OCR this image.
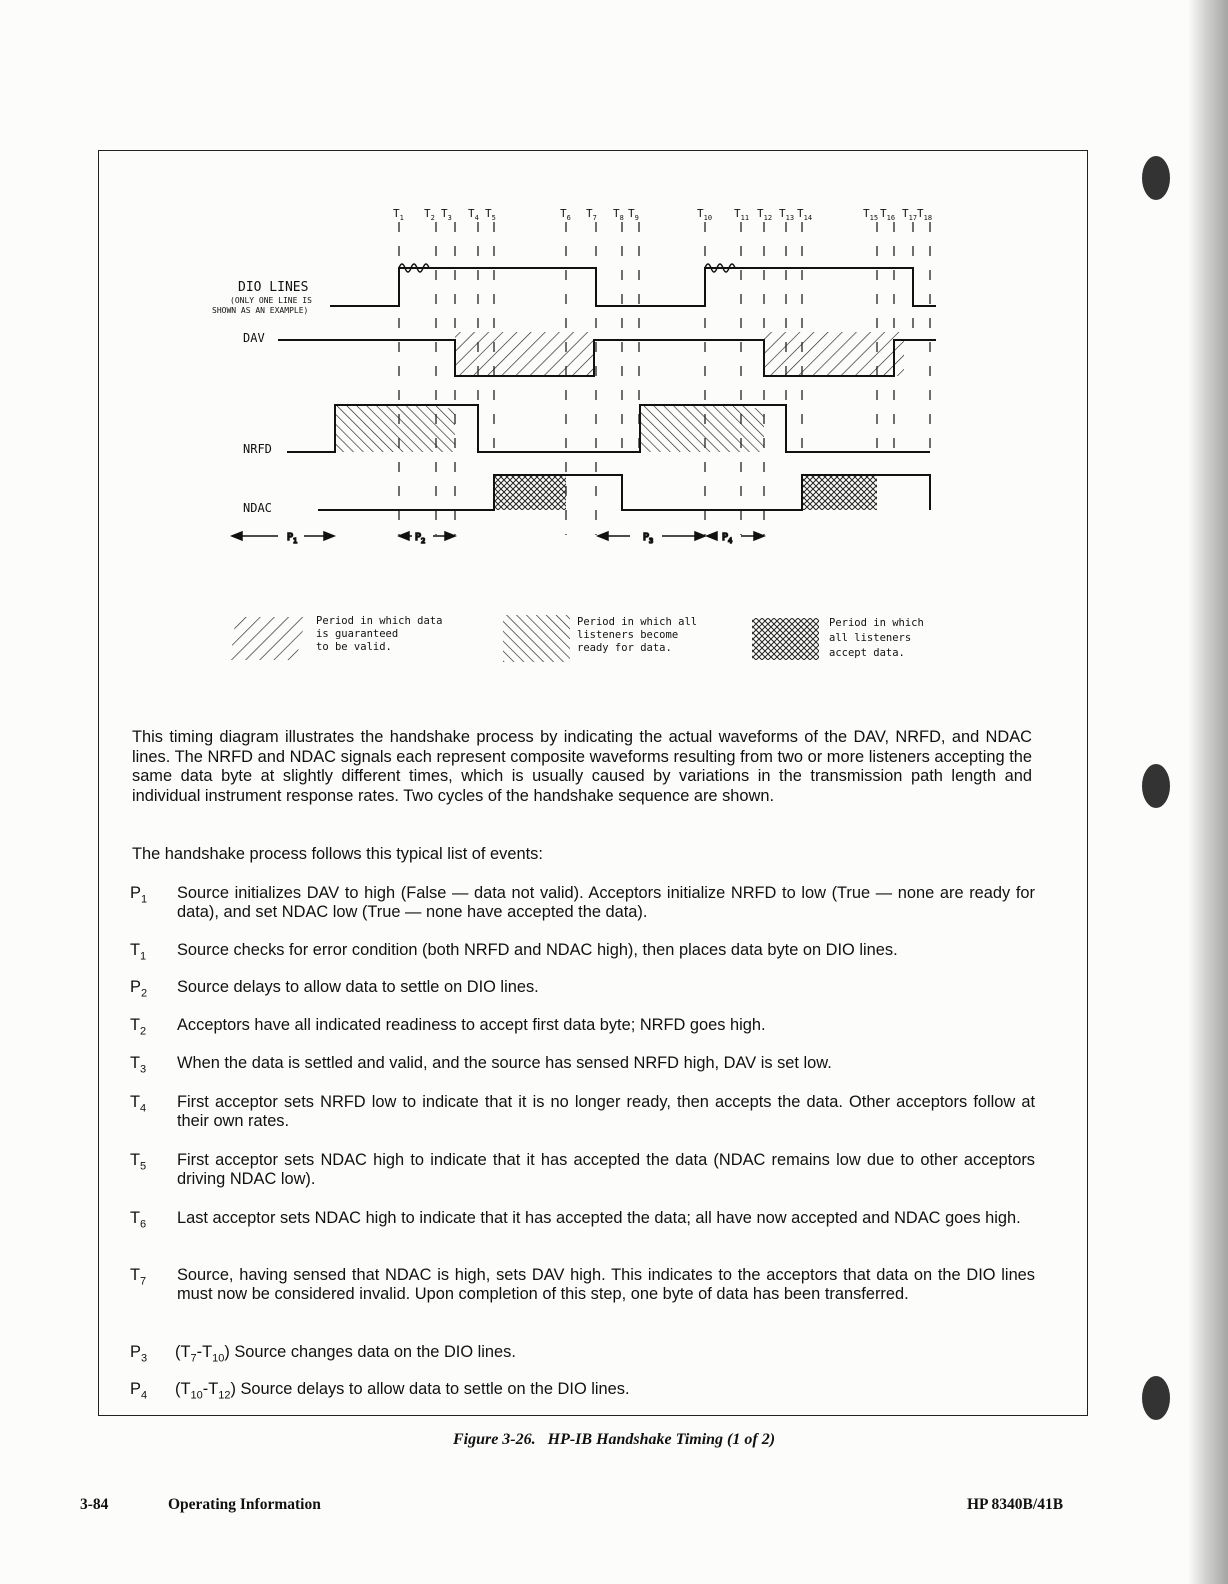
$T_1$ $T_2$ $T_3$ $T_4$ $T_5$	$T_6$ $T_7$ $T_8$ $T_9$	$T_{10}$ $T_{11}$ $T_{12}$ $T_{13}$ $T_{14}$	$T_{15}$ $T_{16}$ $T_{17}$ $T_{18}$
DIO LINES
(ONLY ONE LINE IS
SHOWN AS AN EXAMPLE)
DAV
NRFD
NDAC
$P_1$	$P_2$	$P_3$	$P_4$
Period in which data
is guaranteed
to be valid.
Period in which all
listeners become
ready for data.
Period in which
all listeners
accept data.
This timing diagram illustrates the handshake process by indicating the actual waveforms of the DAV, NRFD, and NDAC lines. The NRFD and NDAC signals each represent composite waveforms resulting from two or more listeners accepting the same data byte at slightly different times, which is usually caused by variations in the transmission path length and individual instrument response rates. Two cycles of the handshake sequence are shown.
The handshake process follows this typical list of events:
$P_1$	Source initializes DAV to high (False — data not valid). Acceptors initialize NRFD to low (True — none are ready for data), and set NDAC low (True — none have accepted the data).
$T_1$	Source checks for error condition (both NRFD and NDAC high), then places data byte on DIO lines.
$P_2$	Source delays to allow data to settle on DIO lines.
$T_2$	Acceptors have all indicated readiness to accept first data byte; NRFD goes high.
$T_3$	When the data is settled and valid, and the source has sensed NRFD high, DAV is set low.
$T_4$	First acceptor sets NRFD low to indicate that it is no longer ready, then accepts the data. Other acceptors follow at their own rates.
$T_5$	First acceptor sets NDAC high to indicate that it has accepted the data (NDAC remains low due to other acceptors driving NDAC low).
$T_6$	Last acceptor sets NDAC high to indicate that it has accepted the data; all have now accepted and NDAC goes high.
$T_7$	Source, having sensed that NDAC is high, sets DAV high. This indicates to the acceptors that data on the DIO lines must now be considered invalid. Upon completion of this step, one byte of data has been transferred.
$P_3$	$(T_7-T_{10})$ Source changes data on the DIO lines.
$P_4$	$(T_{10}-T_{12})$ Source delays to allow data to settle on the DIO lines.
Figure 3-26.   HP-IB Handshake Timing (1 of 2)
3-84	Operating Information	HP 8340B/41B
